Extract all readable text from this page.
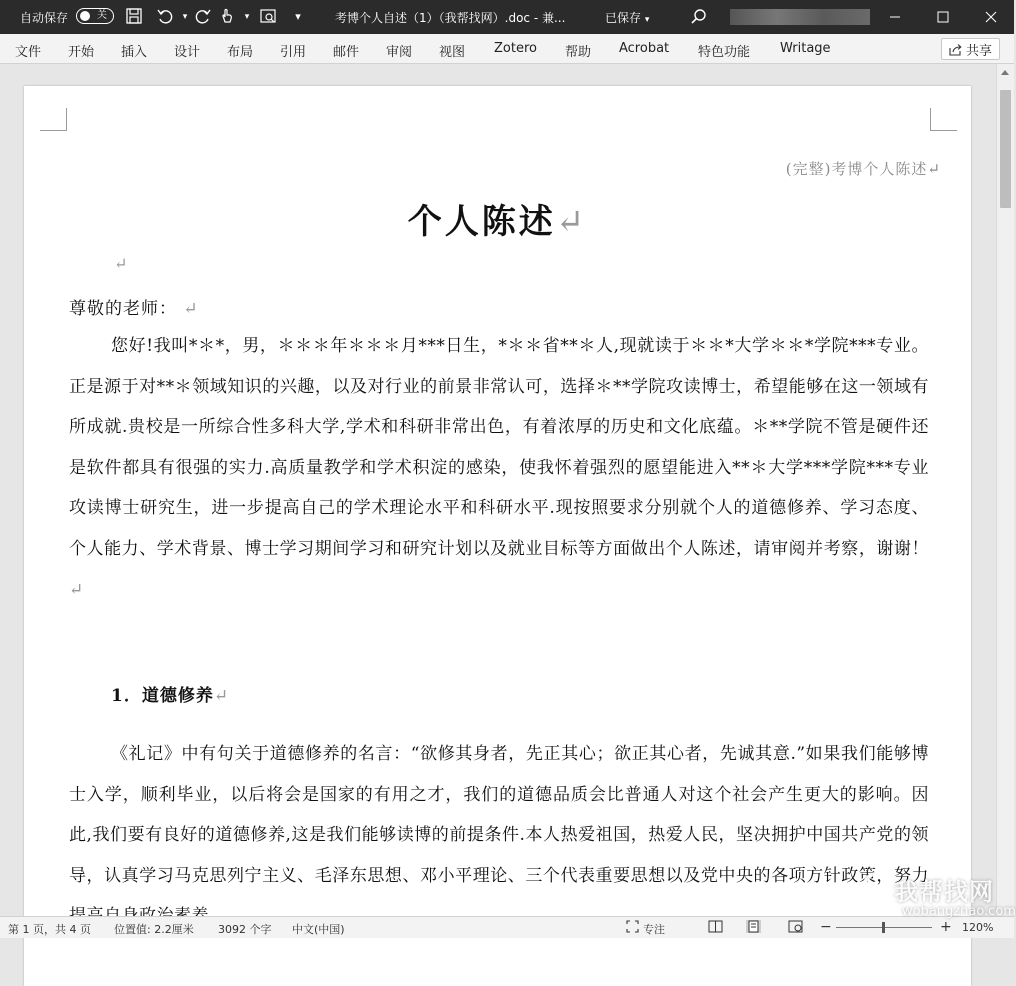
自动保存	关	▾	▾	▾	考博个人自述（1）（我帮找网）.doc - 兼...	已保存 ▾
文件 开始 插入 设计 布局 引用 邮件 审阅 视图 Zotero 帮助 Acrobat 特色功能 Writage	共享
(完整)考博个人陈述↵
个人陈述↵
↵
尊敬的老师： ↵
您好!我叫*＊*，男，＊＊＊年＊＊＊月***日生，*＊＊省**＊人,现就读于＊＊*大学＊＊*学院***专业。正是源于对**＊领域知识的兴趣，以及对行业的前景非常认可，选择＊**学院攻读博士，希望能够在这一领域有所成就.贵校是一所综合性多科大学,学术和科研非常出色，有着浓厚的历史和文化底蕴。＊**学院不管是硬件还是软件都具有很强的实力.高质量教学和学术积淀的感染，使我怀着强烈的愿望能进入**＊大学***学院***专业攻读博士研究生，进一步提高自己的学术理论水平和科研水平.现按照要求分别就个人的道德修养、学习态度、个人能力、学术背景、博士学习期间学习和研究计划以及就业目标等方面做出个人陈述，请审阅并考察，谢谢！ ↵
1．道德修养↵
《礼记》中有句关于道德修养的名言：“欲修其身者，先正其心；欲正其心者，先诚其意.”如果我们能够博士入学，顺利毕业，以后将会是国家的有用之才，我们的道德品质会比普通人对这个社会产生更大的影响。因此,我们要有良好的道德修养,这是我们能够读博的前提条件.本人热爱祖国，热爱人民，坚决拥护中国共产党的领导，认真学习马克思列宁主义、毛泽东思想、邓小平理论、三个代表重要思想以及党中央的各项方针政策，努力
第 1 页，共 4 页 位置值: 2.2厘米 3092 个字 中文(中国)	专注	−	+ 120%
我帮找网
wobangzhao.com
